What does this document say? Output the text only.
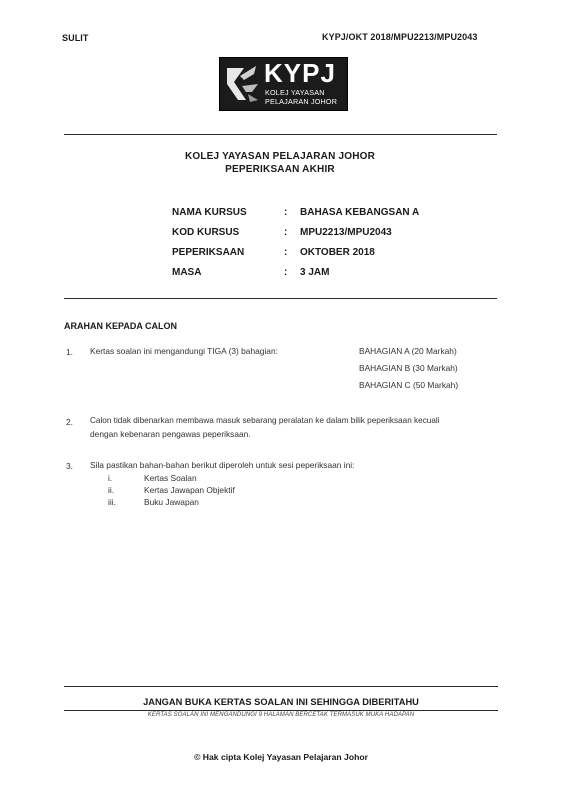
SULIT	KYPJ/OKT 2018/MPU2213/MPU2043
KYPJ
KOLEJ YAYASAN
PELAJARAN JOHOR
KOLEJ YAYASAN PELAJARAN JOHOR
PEPERIKSAAN AKHIR
NAMA KURSUS	: BAHASA KEBANGSAN A
KOD KURSUS	: MPU2213/MPU2043
PEPERIKSAAN	: OKTOBER 2018
MASA	: 3 JAM
ARAHAN KEPADA CALON
1. Kertas soalan ini mengandungi TIGA (3) bahagian:	BAHAGIAN A (20 Markah)
BAHAGIAN B (30 Markah)
BAHAGIAN C (50 Markah)
2. Calon tidak dibenarkan membawa masuk sebarang peralatan ke dalam bilik peperiksaan kecuali
dengan kebenaran pengawas peperiksaan.
3. Sila pastikan bahan-bahan berikut diperoleh untuk sesi peperiksaan ini:
i.	Kertas Soalan
ii.	Kertas Jawapan Objektif
iii.	Buku Jawapan
JANGAN BUKA KERTAS SOALAN INI SEHINGGA DIBERITAHU
KERTAS SOALAN INI MENGANDUNGI 9 HALAMAN BERCETAK TERMASUK MUKA HADAPAN
© Hak cipta Kolej Yayasan Pelajaran Johor
